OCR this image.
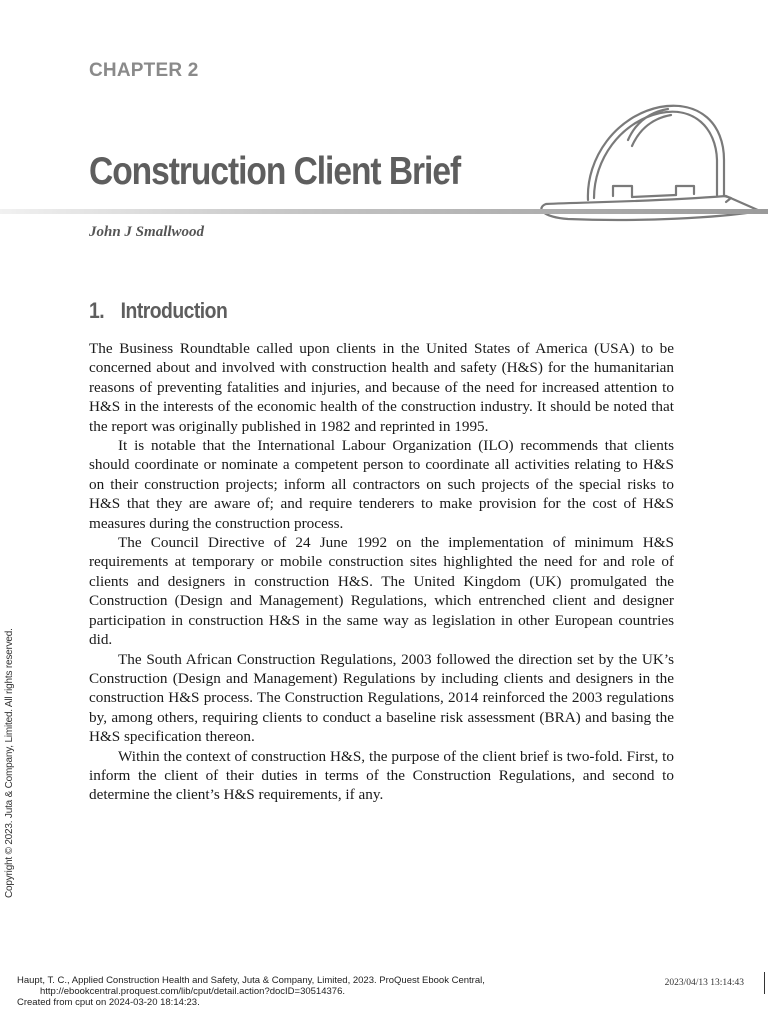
CHAPTER 2
Construction Client Brief
John J Smallwood
1. Introduction

The Business Roundtable called upon clients in the United States of America (USA) to be concerned about and involved with construction health and safety (H&S) for the humanitarian reasons of preventing fatalities and injuries, and because of the need for increased attention to H&S in the interests of the economic health of the construction industry. It should be noted that the report was originally published in 1982 and reprinted in 1995.

It is notable that the International Labour Organization (ILO) recommends that clients should coordinate or nominate a competent person to coordinate all activities relating to H&S on their construction projects; inform all contractors on such projects of the special risks to H&S that they are aware of; and require tenderers to make provision for the cost of H&S measures during the construction process.

The Council Directive of 24 June 1992 on the implementation of minimum H&S requirements at temporary or mobile construction sites highlighted the need for and role of clients and designers in construction H&S. The United Kingdom (UK) promulgated the Construction (Design and Management) Regulations, which entrenched client and designer participation in construction H&S in the same way as legislation in other European countries did.

The South African Construction Regulations, 2003 followed the direction set by the UK’s Construction (Design and Management) Regulations by including clients and designers in the construction H&S process. The Construction Regulations, 2014 reinforced the 2003 regulations by, among others, requiring clients to conduct a baseline risk assessment (BRA) and basing the H&S specification thereon.

Within the context of construction H&S, the purpose of the client brief is two-fold. First, to inform the client of their duties in terms of the Construction Regulations, and second to determine the client’s H&S requirements, if any.

Copyright © 2023. Juta & Company, Limited. All rights reserved.
Haupt, T. C., Applied Construction Health and Safety, Juta & Company, Limited, 2023. ProQuest Ebook Central,
http://ebookcentral.proquest.com/lib/cput/detail.action?docID=30514376.
Created from cput on 2024-03-20 18:14:23.
2023/04/13 13:14:43
